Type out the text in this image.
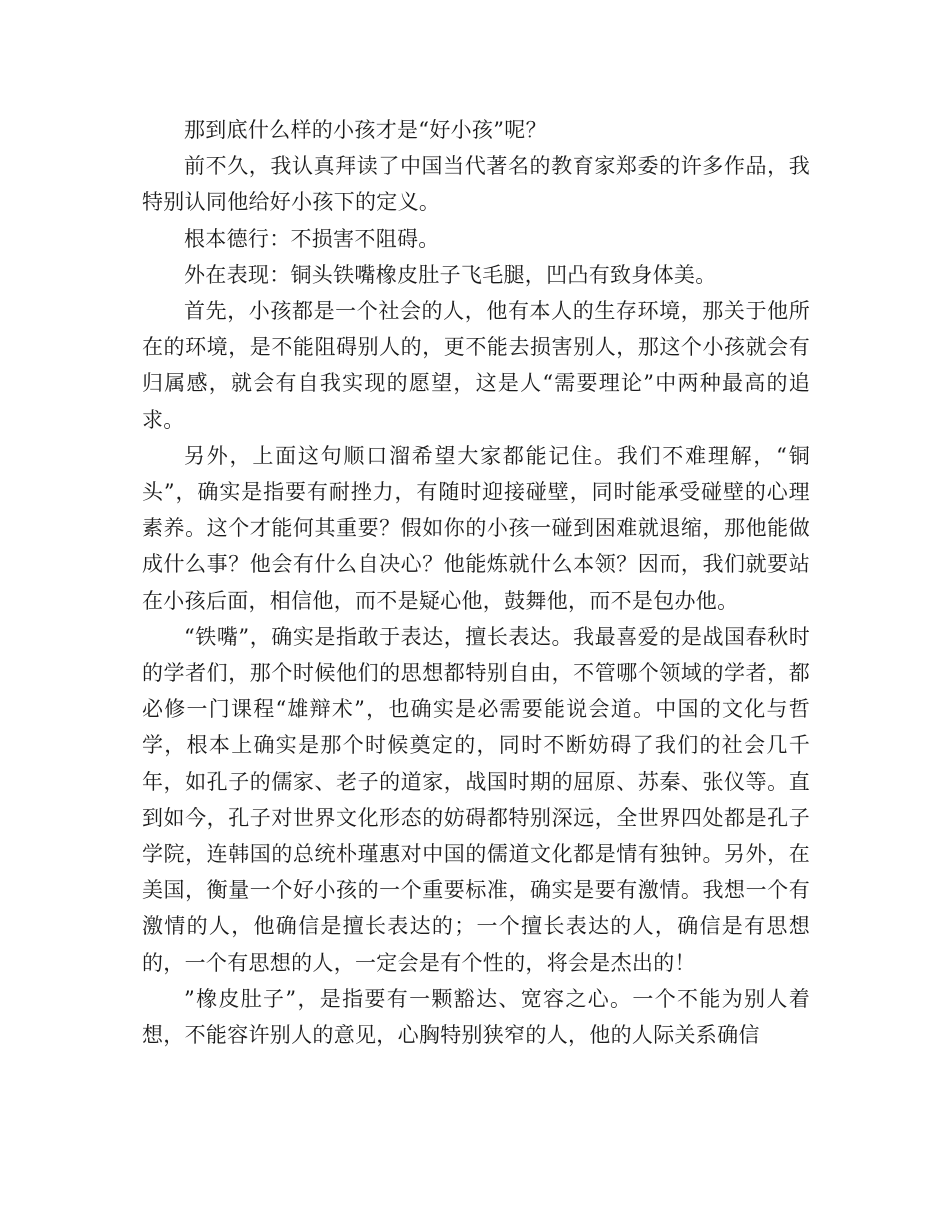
那到底什么样的小孩才是“好小孩”呢？

前不久，我认真拜读了中国当代著名的教育家郑委的许多作品，我特别认同他给好小孩下的定义。

根本德行：不损害不阻碍。

外在表现：铜头铁嘴橡皮肚子飞毛腿，凹凸有致身体美。

首先，小孩都是一个社会的人，他有本人的生存环境，那关于他所在的环境，是不能阻碍别人的，更不能去损害别人，那这个小孩就会有归属感，就会有自我实现的愿望，这是人“需要理论”中两种最高的追求。

另外，上面这句顺口溜希望大家都能记住。我们不难理解，“铜头”，确实是指要有耐挫力，有随时迎接碰壁，同时能承受碰壁的心理素养。这个才能何其重要？假如你的小孩一碰到困难就退缩，那他能做成什么事？他会有什么自决心？他能炼就什么本领？因而，我们就要站在小孩后面，相信他，而不是疑心他，鼓舞他，而不是包办他。

“铁嘴”，确实是指敢于表达，擅长表达。我最喜爱的是战国春秋时的学者们，那个时候他们的思想都特别自由，不管哪个领域的学者，都必修一门课程“雄辩术”，也确实是必需要能说会道。中国的文化与哲学，根本上确实是那个时候奠定的，同时不断妨碍了我们的社会几千年，如孔子的儒家、老子的道家，战国时期的屈原、苏秦、张仪等。直到如今，孔子对世界文化形态的妨碍都特别深远，全世界四处都是孔子学院，连韩国的总统朴瑾惠对中国的儒道文化都是情有独钟。另外，在美国，衡量一个好小孩的一个重要标准，确实是要有激情。我想一个有激情的人，他确信是擅长表达的；一个擅长表达的人，确信是有思想的，一个有思想的人，一定会是有个性的，将会是杰出的！

”橡皮肚子”，是指要有一颗豁达、宽容之心。一个不能为别人着想，不能容许别人的意见，心胸特别狭窄的人，他的人际关系确信
